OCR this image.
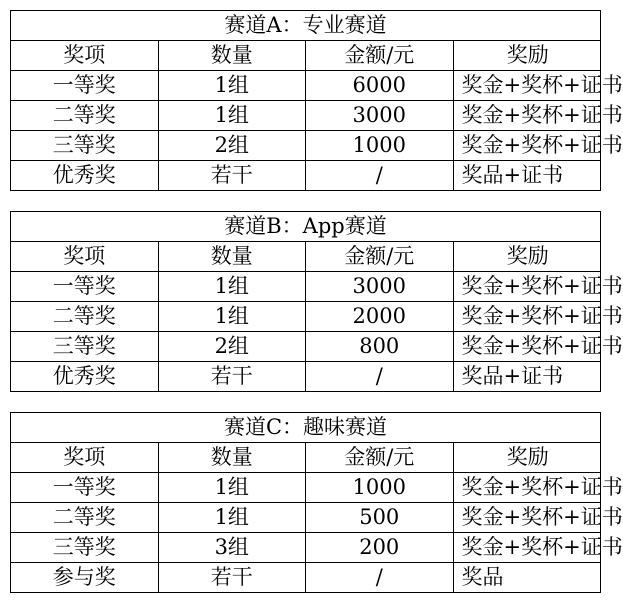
赛道A：专业赛道			
奖项	数量	金额/元	奖励
一等奖	1组	6000	奖金+奖杯+证书
二等奖	1组	3000	奖金+奖杯+证书
三等奖	2组	1000	奖金+奖杯+证书
优秀奖	若干	/	奖品+证书
赛道B：App赛道			
奖项	数量	金额/元	奖励
一等奖	1组	3000	奖金+奖杯+证书
二等奖	1组	2000	奖金+奖杯+证书
三等奖	2组	800	奖金+奖杯+证书
优秀奖	若干	/	奖品+证书
赛道C：趣味赛道			
奖项	数量	金额/元	奖励
一等奖	1组	1000	奖金+奖杯+证书
二等奖	1组	500	奖金+奖杯+证书
三等奖	3组	200	奖金+奖杯+证书
参与奖	若干	/	奖品
